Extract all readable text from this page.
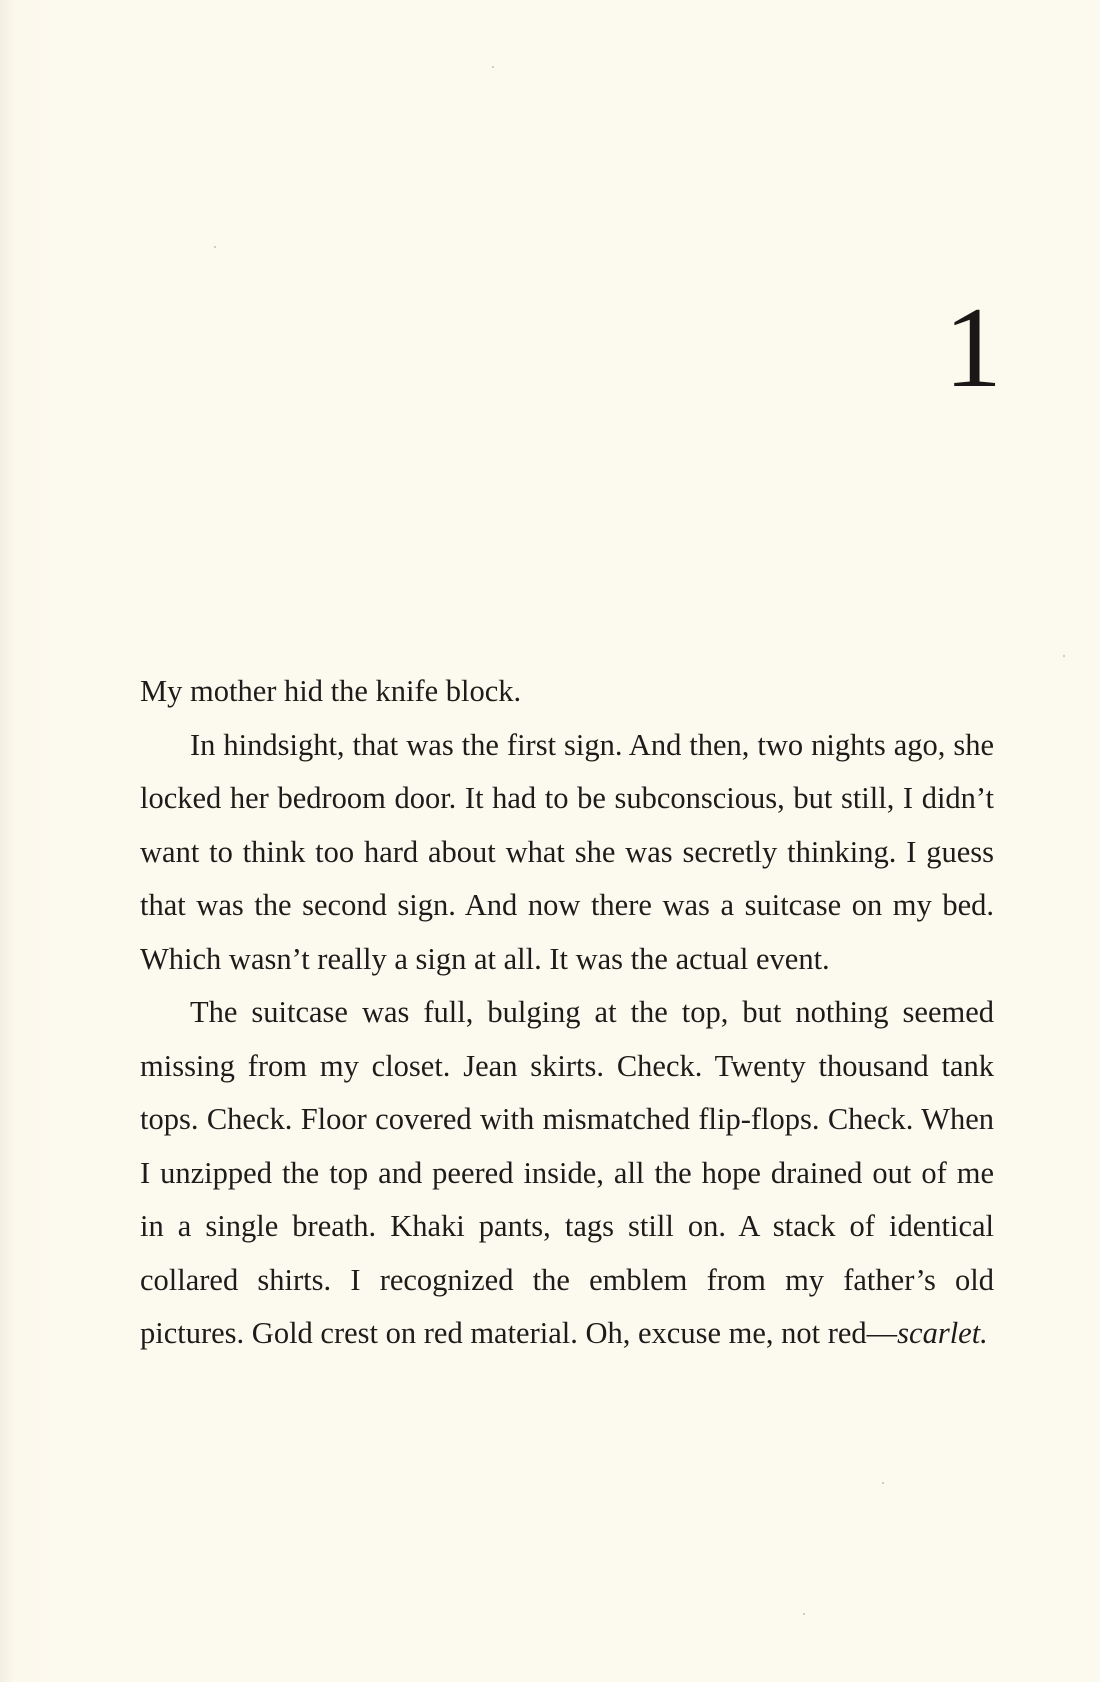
1

My mother hid the knife block.

In hindsight, that was the first sign. And then, two nights ago, she locked her bedroom door. It had to be subconscious, but still, I didn’t want to think too hard about what she was secretly thinking. I guess that was the second sign. And now there was a suitcase on my bed. Which wasn’t really a sign at all. It was the actual event.

The suitcase was full, bulging at the top, but nothing seemed missing from my closet. Jean skirts. Check. Twenty thousand tank tops. Check. Floor covered with mismatched flip-flops. Check. When I unzipped the top and peered inside, all the hope drained out of me in a single breath. Khaki pants, tags still on. A stack of identical collared shirts. I recognized the emblem from my father’s old pictures. Gold crest on red material. Oh, excuse me, not red—scarlet.
